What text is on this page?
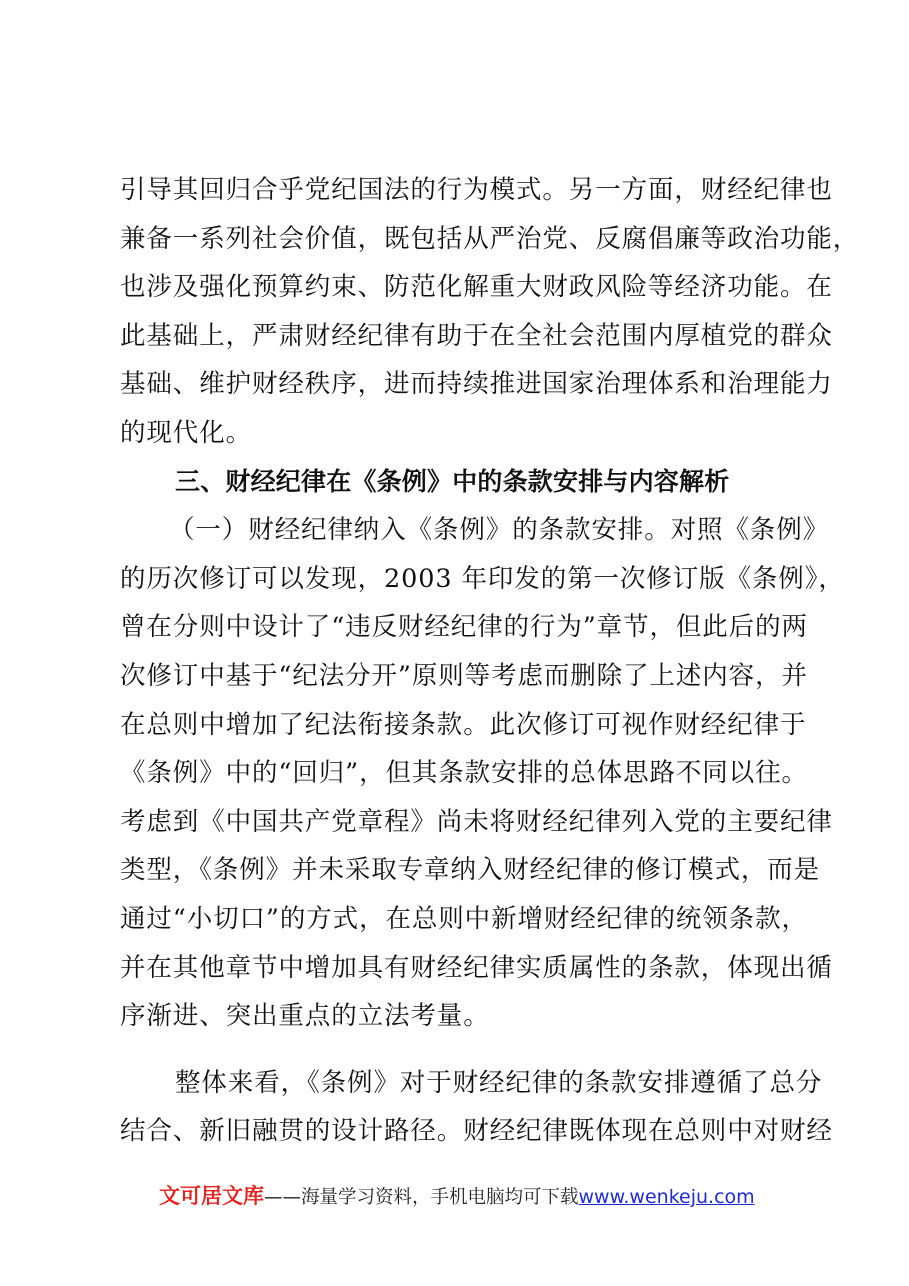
引导其回归合乎党纪国法的行为模式。另一方面，财经纪律也
兼备一系列社会价值，既包括从严治党、反腐倡廉等政治功能，
也涉及强化预算约束、防范化解重大财政风险等经济功能。在
此基础上，严肃财经纪律有助于在全社会范围内厚植党的群众
基础、维护财经秩序，进而持续推进国家治理体系和治理能力
的现代化。
三、财经纪律在《条例》中的条款安排与内容解析
（一）财经纪律纳入《条例》的条款安排。对照《条例》
的历次修订可以发现，2003 年印发的第一次修订版《条例》，
曾在分则中设计了“违反财经纪律的行为”章节，但此后的两
次修订中基于“纪法分开”原则等考虑而删除了上述内容，并
在总则中增加了纪法衔接条款。此次修订可视作财经纪律于
《条例》中的“回归”，但其条款安排的总体思路不同以往。
考虑到《中国共产党章程》尚未将财经纪律列入党的主要纪律
类型，《条例》并未采取专章纳入财经纪律的修订模式，而是
通过“小切口”的方式，在总则中新增财经纪律的统领条款，
并在其他章节中增加具有财经纪律实质属性的条款，体现出循
序渐进、突出重点的立法考量。
整体来看，《条例》对于财经纪律的条款安排遵循了总分
结合、新旧融贯的设计路径。财经纪律既体现在总则中对财经
文可居文库——海量学习资料，手机电脑均可下载www.wenkeju.com
